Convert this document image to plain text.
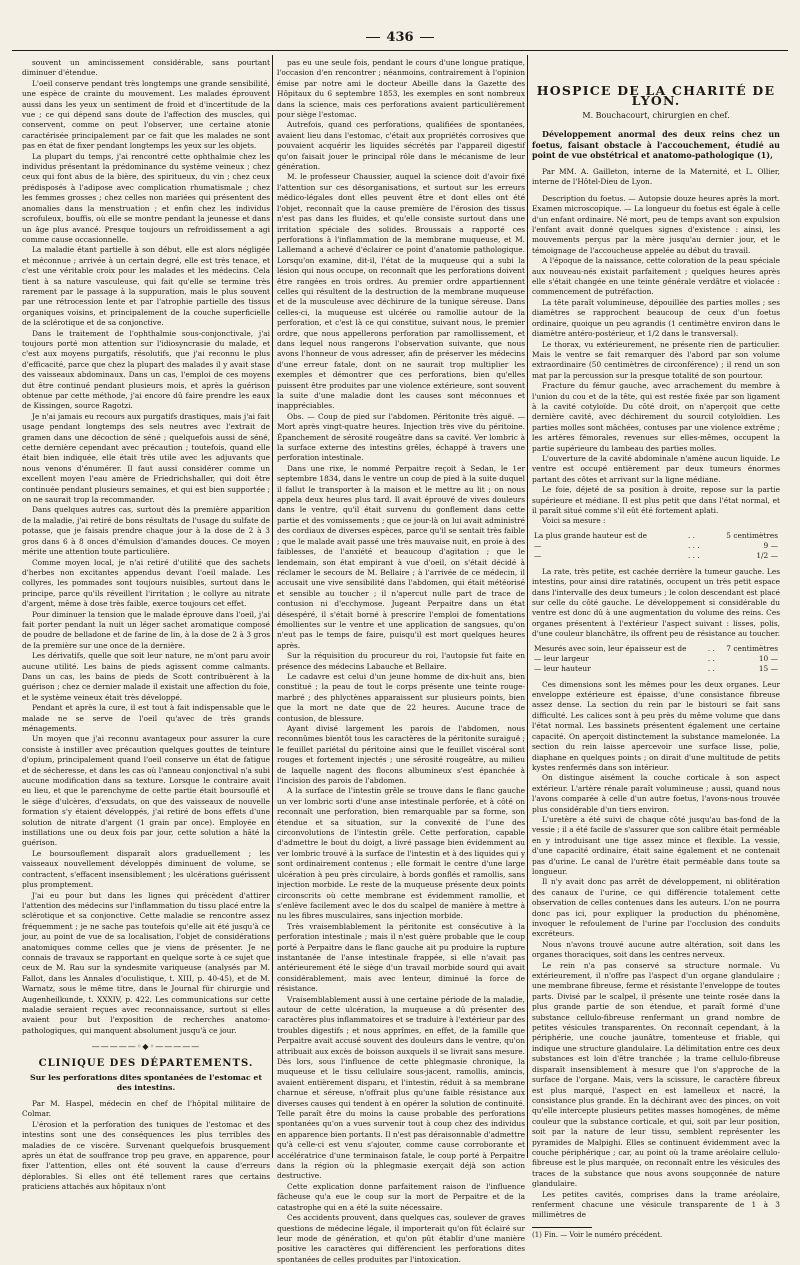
436

souvent un amincissement considérable, sans pourtant diminuer d'étendue.

L'oeil conserve pendant très longtemps une grande sensibilité, une espèce de crainte du mouvement. Les malades éprouvent aussi dans les yeux un sentiment de froid et d'incertitude de la vue ; ce qui dépend sans doute de l'affection des muscles, qui conservent, comme on peut l'observer, une certaine atonie caractérisée principalement par ce fait que les malades ne sont pas en état de fixer pendant longtemps les yeux sur les objets.

La plupart du temps, j'ai rencontré cette ophthalmie chez les individus présentant la prédominance du système veineux ; chez ceux qui font abus de la bière, des spiritueux, du vin ; chez ceux prédisposés à l'adipose avec complication rhumatismale ; chez les femmes grosses ; chez celles non mariées qui présentent des anomalies dans la menstruation ; et enfin chez les individus scrofuleux, bouffis, où elle se montre pendant la jeunesse et dans un âge plus avancé. Presque toujours un refroidissement a agi comme cause occasionnelle.

La maladie étant partielle à son début, elle est alors négligée et méconnue ; arrivée à un certain degré, elle est très tenace, et c'est une véritable croix pour les malades et les médecins. Cela tient à sa nature vasculeuse, qui fait qu'elle se termine très rarement par le passage à la suppuration, mais le plus souvent par une rétrocession lente et par l'atrophie partielle des tissus organiques voisins, et principalement de la couche superficielle de la sclérotique et de sa conjonctive.

Dans le traitement de l'ophthalmie sous-conjonctivale, j'ai toujours porté mon attention sur l'idiosyncrasie du malade, et c'est aux moyens purgatifs, résolutifs, que j'ai reconnu le plus d'efficacité, parce que chez la plupart des malades il y avait stase des vaisseaux abdominaux. Dans un cas, l'emploi de ces moyens dut être continué pendant plusieurs mois, et après la guérison obtenue par cette méthode, j'ai encore dû faire prendre les eaux de Kissingen, source Ragotzi.

Je n'ai jamais eu recours aux purgatifs drastiques, mais j'ai fait usage pendant longtemps des sels neutres avec l'extrait de gramen dans une décoction de séné ; quelquefois aussi de séné, cette dernière cependant avec précaution ; toutefois, quand elle était bien indiquée, elle était très utile avec les adjuvants que nous venons d'énumérer. Il faut aussi considérer comme un excellent moyen l'eau amère de Friedrichshaller, qui doit être continuée pendant plusieurs semaines, et qui est bien supportée ; on ne saurait trop la recommander.

Dans quelques autres cas, surtout dès la première apparition de la maladie, j'ai retiré de bons résultats de l'usage du sulfate de potasse, que je faisais prendre chaque jour à la dose de 2 à 3 gros dans 6 à 8 onces d'émulsion d'amandes douces. Ce moyen mérite une attention toute particulière.

Comme moyen local, je n'ai retiré d'utilité que des sachets d'herbes non excitantes appendus devant l'oeil malade. Les collyres, les pommades sont toujours nuisibles, surtout dans le principe, parce qu'ils réveillent l'irritation ; le collyre au nitrate d'argent, même à dose très faible, exerce toujours cet effet.

Pour diminuer la tension que le malade éprouve dans l'oeil, j'ai fait porter pendant la nuit un léger sachet aromatique composé de poudre de belladone et de farine de lin, à la dose de 2 à 3 gros de la première sur une once de la dernière.

Les dérivatifs, quelle que soit leur nature, ne m'ont paru avoir aucune utilité. Les bains de pieds agissent comme calmants. Dans un cas, les bains de pieds de Scott contribuèrent à la guérison ; chez ce dernier malade il existait une affection du foie, et le système veineux était très développé.

Pendant et après la cure, il est tout à fait indispensable que le malade ne se serve de l'oeil qu'avec de très grands ménagements.

Un moyen que j'ai reconnu avantageux pour assurer la cure consiste à instiller avec précaution quelques gouttes de teinture d'opium, principalement quand l'oeil conserve un état de fatigue et de sécheresse, et dans les cas où l'anneau conjonctival n'a subi aucune modification dans sa texture. Lorsque le contraire avait eu lieu, et que le parenchyme de cette partie était boursouflé et le siège d'ulcères, d'exsudats, on que des vaisseaux de nouvelle formation s'y étaient développés, j'ai retiré de bons effets d'une solution de nitrate d'argent (1 grain par once). Employée en instillations une ou deux fois par jour, cette solution a hâté la guérison.

Le boursouflement disparaît alors graduellement ; les vaisseaux nouvellement développés diminuent de volume, se contractent, s'effacent insensiblement ; les ulcérations guérissent plus promptement.

J'ai eu pour but dans les lignes qui précèdent d'attirer l'attention des médecins sur l'inflammation du tissu placé entre la sclérotique et sa conjonctive. Cette maladie se rencontre assez fréquemment ; je ne sache pas toutefois qu'elle ait été jusqu'à ce jour, au point de vue de sa localisation, l'objet de considérations anatomiques comme celles que je viens de présenter. Je ne connais de travaux se rapportant en quelque sorte à ce sujet que ceux de M. Rau sur la syndesmite variqueuse (analysés par M. Fallot, dans les Annales d'oculistique, t. XIII, p. 40-45), et de M. Warnatz, sous le même titre, dans le Journal für chirurgie und Augenheilkunde, t. XXXIV, p. 422. Les communications sur cette maladie seraient reçues avec reconnaissance, surtout si elles avaient pour but l'exposition de recherches anatomo-pathologiques, qui manquent absolument jusqu'à ce jour.

—————◦◆◦—————
CLINIQUE DES DÉPARTEMENTS.
Sur les perforations dites spontanées de l'estomac et des intestins.

Par M. Haspel, médecin en chef de l'hôpital militaire de Colmar.

L'érosion et la perforation des tuniques de l'estomac et des intestins sont une des conséquences les plus terribles des maladies de ce viscère. Survenant quelquefois brusquement après un état de souffrance trop peu grave, en apparence, pour fixer l'attention, elles ont été souvent la cause d'erreurs déplorables. Si elles ont été tellement rares que certains praticiens attachés aux hôpitaux n'ont

pas eu une seule fois, pendant le cours d'une longue pratique, l'occasion d'en rencontrer ; néanmoins, contrairement à l'opinion émise par notre ami le docteur Abeille dans la Gazette des Hôpitaux du 6 septembre 1853, les exemples en sont nombreux dans la science, mais ces perforations avaient particulièrement pour siège l'estomac.

Autrefois, quand ces perforations, qualifiées de spontanées, avaient lieu dans l'estomac, c'était aux propriétés corrosives que pouvaient acquérir les liquides sécrétés par l'appareil digestif qu'on faisait jouer le principal rôle dans le mécanisme de leur génération.

M. le professeur Chaussier, auquel la science doit d'avoir fixé l'attention sur ces désorganisations, et surtout sur les erreurs médico-légales dont elles peuvent être et dont elles ont été l'objet, reconnaît que la cause première de l'érosion des tissus n'est pas dans les fluides, et qu'elle consiste surtout dans une irritation spéciale des solides. Broussais a rapporté ces perforations à l'inflammation de la membrane muqueuse, et M. Lallemand a achevé d'éclairer ce point d'anatomie pathologique. Lorsqu'on examine, dit-il, l'état de la muqueuse qui a subi la lésion qui nous occupe, on reconnaît que les perforations doivent être rangées en trois ordres. Au premier ordre appartiennent celles qui résultent de la destruction de la membrane muqueuse et de la musculeuse avec déchirure de la tunique séreuse. Dans celles-ci, la muqueuse est ulcérée ou ramollie autour de la perforation, et c'est là ce qui constitue, suivant nous, le premier ordre, que nous appellerons perforation par ramollissement, et dans lequel nous rangerons l'observation suivante, que nous avons l'honneur de vous adresser, afin de préserver les médecins d'une erreur fatale, dont on ne saurait trop multiplier les exemples et démontrer que ces perforations, bien qu'elles puissent être produites par une violence extérieure, sont souvent la suite d'une maladie dont les causes sont méconnues et inappréciables.

Obs. — Coup de pied sur l'abdomen. Péritonite très aiguë. — Mort après vingt-quatre heures. Injection très vive du péritoine. Épanchement de sérosité rougeâtre dans sa cavité. Ver lombric à la surface externe des intestins grêles, échappé à travers une perforation intestinale.

Dans une rixe, le nommé Perpaitre reçoit à Sedan, le 1er septembre 1834, dans le ventre un coup de pied à la suite duquel il fallut le transporter à la maison et le mettre au lit ; on nous appela deux heures plus tard. Il avait éprouvé de vives douleurs dans le ventre, qu'il était survenu du gonflement dans cette partie et des vomissements ; que ce jour-là on lui avait administré des cordiaux de diverses espèces, parce qu'il se sentait très faible ; que le malade avait passé une très mauvaise nuit, en proie à des faiblesses, de l'anxiété et beaucoup d'agitation ; que le lendemain, son état empirant à vue d'oeil, on s'était décidé à réclamer le secours de M. Bellaire ; à l'arrivée de ce médecin, il accusait une vive sensibilité dans l'abdomen, qui était météorisé et sensible au toucher ; il n'apercut nulle part de trace de contusion ni d'ecchymose. Jugeant Perpaitre dans un état désespéré, il s'était borné à prescrire l'emploi de fomentations émollientes sur le ventre et une application de sangsues, qu'on n'eut pas le temps de faire, puisqu'il est mort quelques heures après.

Sur la réquisition du procureur du roi, l'autopsie fut faite en présence des médecins Labauche et Bellaire.

Le cadavre est celui d'un jeune homme de dix-huit ans, bien constitué ; la peau de tout le corps présente une teinte rouge-marbré ; des phlyctènes apparaissent sur plusieurs points, bien que la mort ne date que de 22 heures. Aucune trace de contusion, de blessure.

Ayant divisé largement les parois de l'abdomen, nous reconnûmes bientôt tous les caractères de la péritonite suraiguë ; le feuillet pariétal du péritoine ainsi que le feuillet viscéral sont rouges et fortement injectés ; une sérosité rougeâtre, au milieu de laquelle nagent des flocons albumineux s'est épanchée à l'incision des parois de l'abdomen.

A la surface de l'intestin grêle se trouve dans le flanc gauche un ver lombric sorti d'une anse intestinale perforée, et à côté on reconnaît une perforation, bien remarquable par sa forme, son étendue et sa situation, sur la convexité de l'une des circonvolutions de l'intestin grêle. Cette perforation, capable d'admettre le bout du doigt, a livré passage bien évidemment au ver lombric trouvé à la surface de l'intestin et à des liquides qui y sont ordinairement contenus ; elle formait le centre d'une large ulcération à peu près circulaire, à bords gonflés et ramollis, sans injection morbide. Le reste de la muqueuse présente deux points circonscrits où cette membrane est évidemment ramollie, et s'enlève facilement avec le dos du scalpel de manière à mettre à nu les fibres musculaires, sans injection morbide.

Très vraisemblablement la péritonite est consécutive à la perforation intestinale ; mais il n'est guère probable que le coup porté à Perpaitre dans le flanc gauche ait pu produire la rupture instantanée de l'anse intestinale frappée, si elle n'avait pas antérieurement été le siège d'un travail morbide sourd qui avait considérablement, mais avec lenteur, diminué la force de résistance.

Vraisemblablement aussi à une certaine période de la maladie, autour de cette ulcération, la muqueuse a dû présenter des caractères plus inflammatoires et se traduire à l'extérieur par des troubles digestifs ; et nous apprîmes, en effet, de la famille que Perpaitre avait accusé souvent des douleurs dans le ventre, qu'on attribuait aux excès de boisson auxquels il se livrait sans mesure. Dès lors, sous l'influence de cette phlegmasie chronique, la muqueuse et le tissu cellulaire sous-jacent, ramollis, amincis, avaient entièrement disparu, et l'intestin, réduit à sa membrane charnue et séreuse, n'offrait plus qu'une faible résistance aux diverses causes qui tendent à en opérer la solution de continuité. Telle paraît être du moins la cause probable des perforations spontanées qu'on a vues survenir tout à coup chez des individus en apparence bien portants. Il n'est pas déraisonnable d'admettre qu'à celle-ci est venu s'ajouter, comme cause corroborante et accélératrice d'une terminaison fatale, le coup porté à Perpaitre dans la région où la phlegmasie exerçait déjà son action destructive.

Cette explication donne parfaitement raison de l'influence fâcheuse qu'a eue le coup sur la mort de Perpaitre et de la catastrophe qui en a été la suite nécessaire.

Ces accidents prouvent, dans quelques cas, soulever de graves questions de médecine légale, il importerait qu'on fût éclairé sur leur mode de génération, et qu'on pût établir d'une manière positive les caractères qui différencient les perforations dites spontanées de celles produites par l'intoxication.

HOSPICE DE LA CHARITÉ DE LYON.
M. Bouchacourt, chirurgien en chef.
Développement anormal des deux reins chez un foetus, faisant obstacle à l'accouchement, étudié au point de vue obstétrical et anatomo-pathologique (1),
Par MM. A. Gailleton, interne de la Maternité, et L. Ollier, interne de l'Hôtel-Dieu de Lyon.

Description du foetus. — Autopsie douze heures après la mort. Examen microscopique. — La longueur du foetus est égale à celle d'un enfant ordinaire. Né mort, peu de temps avant son expulsion l'enfant avait donné quelques signes d'existence : ainsi, les mouvements perçus par la mère jusqu'au dernier jour, et le témoignage de l'accoucheuse appelée au début du travail.

A l'époque de la naissance, cette coloration de la peau spéciale aux nouveau-nés existait parfaitement ; quelques heures après elle s'était changée en une teinte générale verdâtre et violacée : commencement de putréfaction.

La tête paraît volumineuse, dépouillée des parties molles ; ses diamètres se rapprochent beaucoup de ceux d'un foetus ordinaire, quoique un peu agrandis (1 centimètre environ dans le diamètre antéro-postérieur, et 1/2 dans le transversal).

Le thorax, vu extérieurement, ne présente rien de particulier. Mais le ventre se fait remarquer dès l'abord par son volume extraordinaire (50 centimètres de circonférence) ; il rend un son mat par la percussion sur la presque totalité de son pourtour.

Fracture du fémur gauche, avec arrachement du membre à l'union du cou et de la tête, qui est restée fixée par son ligament à la cavité cotyloïde. Du côté droit, on n'aperçoit que cette dernière cavité, avec déchirement du sourcil cotyloïdien. Les parties molles sont mâchées, contuses par une violence extrême ; les artères fémorales, revenues sur elles-mêmes, occupent la partie supérieure du lambeau des parties molles.

L'ouverture de la cavité abdominale n'amène aucun liquide. Le ventre est occupé entièrement par deux tumeurs énormes partant des côtes et arrivant sur la ligne médiane.

Le foie, déjeté de sa position à droite, repose sur la partie supérieure et médiane. Il est plus petit que dans l'état normal, et il paraît situé comme s'il eût été fortement aplati.

Voici sa mesure :

La plus grande hauteur est de	. .	5 centimètres
—	. . .	9 —
—	. . .	1/2 —

La rate, très petite, est cachée derrière la tumeur gauche. Les intestins, pour ainsi dire ratatinés, occupent un très petit espace dans l'intervalle des deux tumeurs ; le colon descendant est placé sur celle du côté gauche. Le développement si considérable du ventre est donc dû à une augmentation du volume des reins. Ces organes présentent à l'extérieur l'aspect suivant : lisses, polis, d'une couleur blanchâtre, ils offrent peu de résistance au toucher.

Mesurés avec soin, leur épaisseur est de	. .	7 centimètres
— leur largeur	. .	10 —
— leur hauteur	. .	15 —

Ces dimensions sont les mêmes pour les deux organes. Leur enveloppe extérieure est épaisse, d'une consistance fibreuse assez dense. La section du rein par le bistouri se fait sans difficulté. Les calices sont à peu près du même volume que dans l'état normal. Les bassinets présentent également une certaine capacité. On aperçoit distinctement la substance mamelonée. La section du rein laisse apercevoir une surface lisse, polie, diaphane en quelques points ; on dirait d'une multitude de petits kystes renfermés dans son intérieur.

On distingue aisément la couche corticale à son aspect extérieur. L'artère rénale paraît volumineuse ; aussi, quand nous l'avons comparée à celle d'un autre foetus, l'avons-nous trouvée plus considérable d'un tiers environ.

L'uretère a été suivi de chaque côté jusqu'au bas-fond de la vessie ; il a été facile de s'assurer que son calibre était perméable en y introduisant une tige assez mince et flexible. La vessie, d'une capacité ordinaire, était saine également et ne contenait pas d'urine. Le canal de l'urètre était perméable dans toute sa longueur.

Il n'y avait donc pas arrêt de développement, ni oblitération des canaux de l'urine, ce qui différencie totalement cette observation de celles contenues dans les auteurs. L'on ne pourra donc pas ici, pour expliquer la production du phénomène, invoquer le refoulement de l'urine par l'occlusion des conduits excréteurs.

Nous n'avons trouvé aucune autre altération, soit dans les organes thoraciques, soit dans les centres nerveux.

Le rein n'a pas conservé sa structure normale. Vu extérieurement, il n'offre pas l'aspect d'un organe glandulaire ; une membrane fibreuse, ferme et résistante l'enveloppe de toutes parts. Divisé par le scalpel, il présente une teinte rosée dans la plus grande partie de son étendue, et paraît formé d'une substance cellulo-fibreuse renfermant un grand nombre de petites vésicules transparentes. On reconnaît cependant, à la périphérie, une couche jaunâtre, tomenteuse et friable, qui indique une structure glandulaire. La délimitation entre ces deux substances est loin d'être tranchée ; la trame cellulo-fibreuse disparaît insensiblement à mesure que l'on s'approche de la surface de l'organe. Mais, vers la scissure, le caractère fibreux est plus marqué, l'aspect en est lamelleux et nacré, la consistance plus grande. En la déchirant avec des pinces, on voit qu'elle intercepte plusieurs petites masses homogènes, de même couleur que la substance corticale, et qui, soit par leur position, soit par la nature de leur tissu, semblent représenter les pyramides de Malpighi. Elles se continuent évidemment avec la couche périphérique ; car, au point où la trame aréolaire cellulo-fibreuse est le plus marquée, on reconnaît entre les vésicules des traces de la substance que nous avons soupçonnée de nature glandulaire.

Les petites cavités, comprises dans la trame aréolaire, renferment chacune une vésicule transparente de 1 à 3 millimètres de

(1) Fin. — Voir le numéro précédent.
